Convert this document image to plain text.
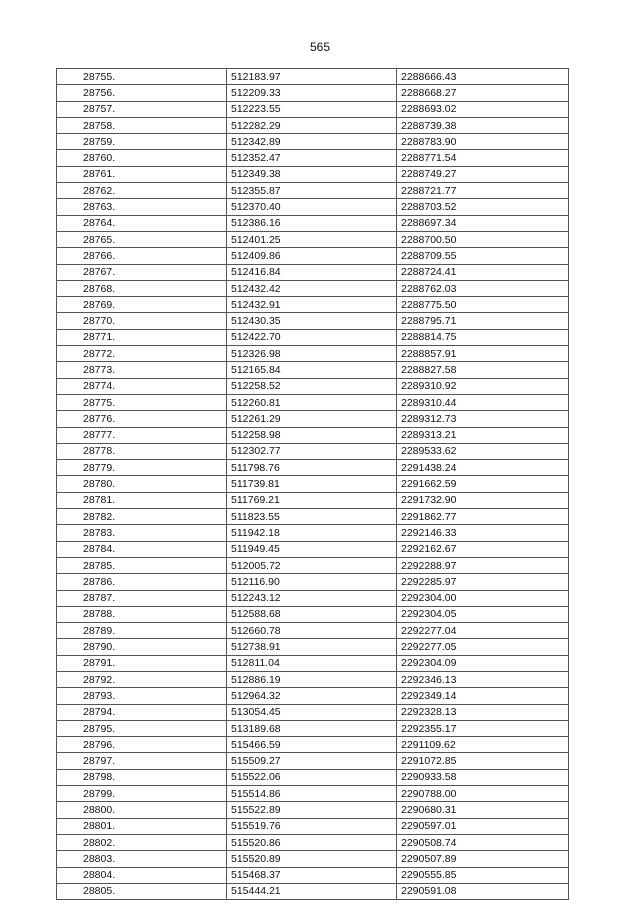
565
28755.	512183.97	2288666.43
28756.	512209.33	2288668.27
28757.	512223.55	2288693.02
28758.	512282.29	2288739.38
28759.	512342.89	2288783.90
28760.	512352.47	2288771.54
28761.	512349.38	2288749.27
28762.	512355.87	2288721.77
28763.	512370.40	2288703.52
28764.	512386.16	2288697.34
28765.	512401.25	2288700.50
28766.	512409.86	2288709.55
28767.	512416.84	2288724.41
28768.	512432.42	2288762.03
28769.	512432.91	2288775.50
28770.	512430.35	2288795.71
28771.	512422.70	2288814.75
28772.	512326.98	2288857.91
28773.	512165.84	2288827.58
28774.	512258.52	2289310.92
28775.	512260.81	2289310.44
28776.	512261.29	2289312.73
28777.	512258.98	2289313.21
28778.	512302.77	2289533.62
28779.	511798.76	2291438.24
28780.	511739.81	2291662.59
28781.	511769.21	2291732.90
28782.	511823.55	2291862.77
28783.	511942.18	2292146.33
28784.	511949.45	2292162.67
28785.	512005.72	2292288.97
28786.	512116.90	2292285.97
28787.	512243.12	2292304.00
28788.	512588.68	2292304.05
28789.	512660.78	2292277.04
28790.	512738.91	2292277.05
28791.	512811.04	2292304.09
28792.	512886.19	2292346.13
28793.	512964.32	2292349.14
28794.	513054.45	2292328.13
28795.	513189.68	2292355.17
28796.	515466.59	2291109.62
28797.	515509.27	2291072.85
28798.	515522.06	2290933.58
28799.	515514.86	2290788.00
28800.	515522.89	2290680.31
28801.	515519.76	2290597.01
28802.	515520.86	2290508.74
28803.	515520.89	2290507.89
28804.	515468.37	2290555.85
28805.	515444.21	2290591.08
